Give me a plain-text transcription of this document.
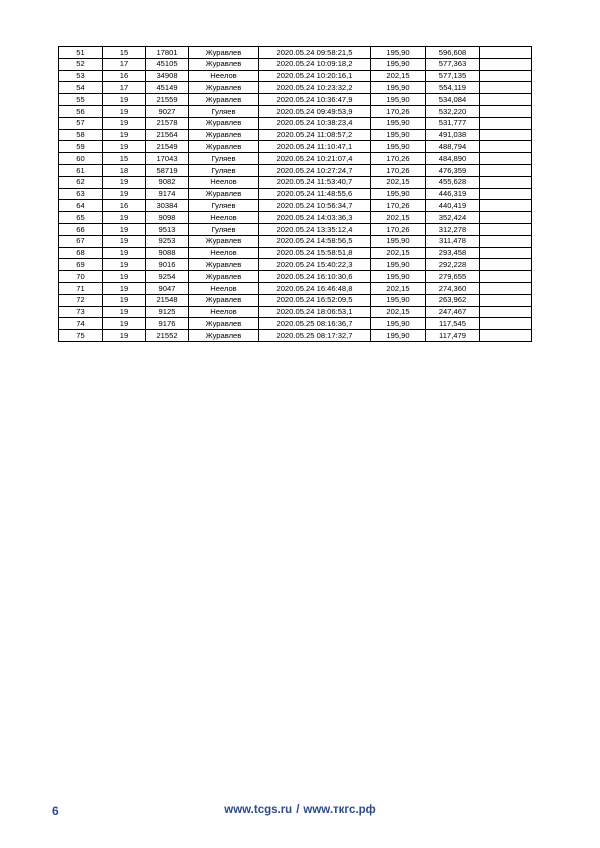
51	15	17801	Журавлев	2020.05.24 09:58:21,5	195,90	596,608	
52	17	45105	Журавлев	2020.05.24 10:09:18,2	195,90	577,363	
53	16	34908	Неелов	2020.05.24 10:20:16,1	202,15	577,135	
54	17	45149	Журавлев	2020.05.24 10:23:32,2	195,90	554,119	
55	19	21559	Журавлев	2020.05.24 10:36:47,9	195,90	534,084	
56	19	9027	Гуляев	2020.05.24 09:49:53,9	170,26	532,220	
57	19	21578	Журавлев	2020.05.24 10:38:23,4	195,90	531,777	
58	19	21564	Журавлев	2020.05.24 11:08:57,2	195,90	491,038	
59	19	21549	Журавлев	2020.05.24 11:10:47,1	195,90	488,794	
60	15	17043	Гуляев	2020.05.24 10:21:07,4	170,26	484,890	
61	18	58719	Гуляев	2020.05.24 10:27:24,7	170,26	476,359	
62	19	9082	Неелов	2020.05.24 11:53:40,7	202,15	455,628	
63	19	9174	Журавлев	2020.05.24 11:48:55,6	195,90	446,319	
64	16	30384	Гуляев	2020.05.24 10:56:34,7	170,26	440,419	
65	19	9098	Неелов	2020.05.24 14:03:36,3	202,15	352,424	
66	19	9513	Гуляев	2020.05.24 13:35:12,4	170,26	312,278	
67	19	9253	Журавлев	2020.05.24 14:58:56,5	195,90	311,478	
68	19	9088	Неелов	2020.05.24 15:58:51,8	202,15	293,458	
69	19	9016	Журавлев	2020.05.24 15:40:22,3	195,90	292,228	
70	19	9254	Журавлев	2020.05.24 16:10:30,6	195,90	279,655	
71	19	9047	Неелов	2020.05.24 16:46:48,8	202,15	274,360	
72	19	21548	Журавлев	2020.05.24 16:52:09,5	195,90	263,962	
73	19	9125	Неелов	2020.05.24 18:06:53,1	202,15	247,467	
74	19	9176	Журавлев	2020.05.25 08:16:36,7	195,90	117,545	
75	19	21552	Журавлев	2020.05.25 08:17:32,7	195,90	117,479	
6	www.tcgs.ru / www.ткгс.рф
